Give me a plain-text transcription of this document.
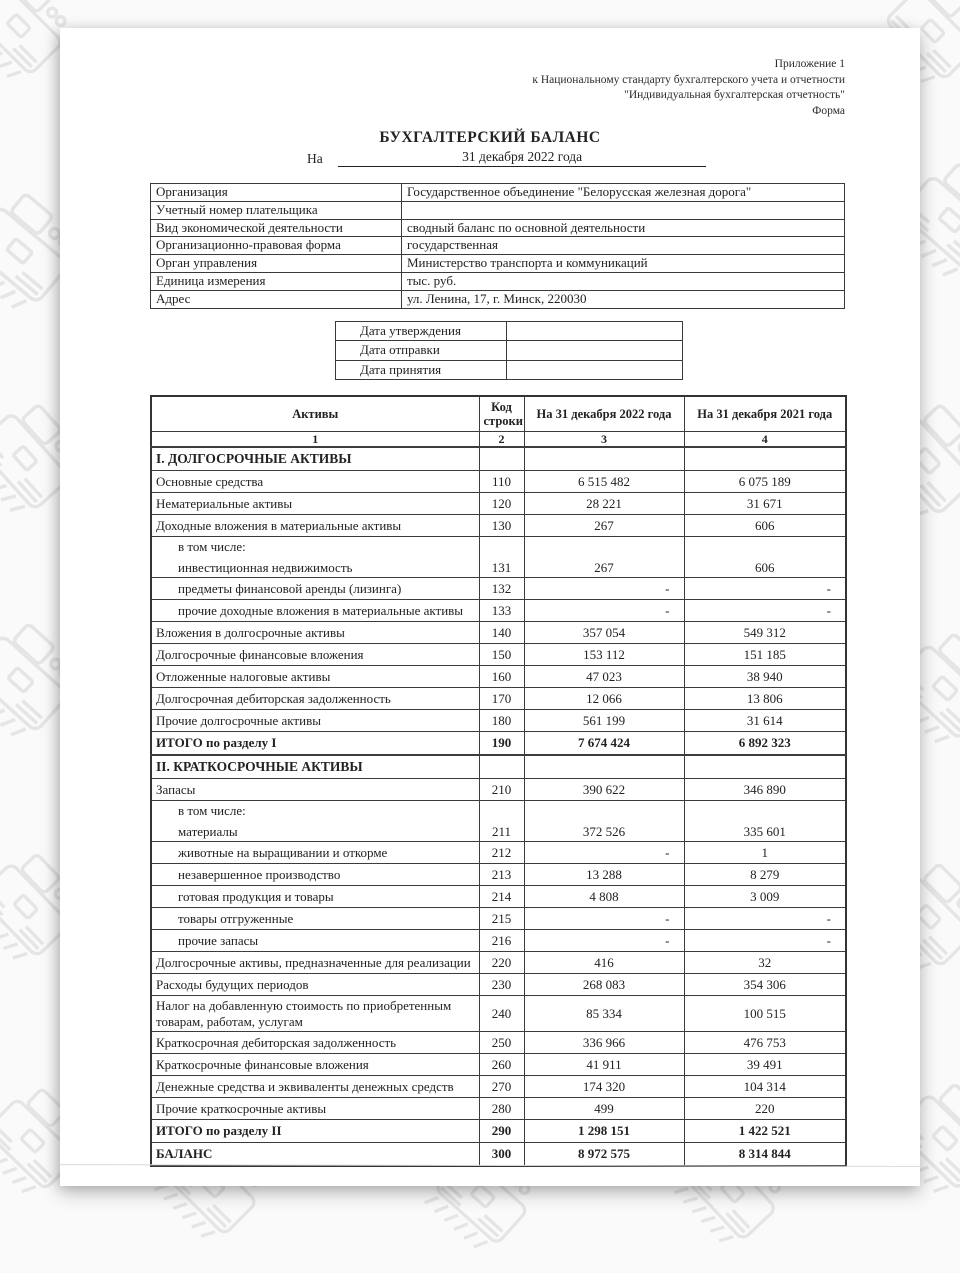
Приложение 1
к Национальному стандарту бухгалтерского учета и отчетности
"Индивидуальная бухгалтерская отчетность"
Форма
БУХГАЛТЕРСКИЙ БАЛАНС
На	31 декабря 2022 года
Организация	Государственное объединение "Белорусская железная дорога"
Учетный номер плательщика	
Вид экономической деятельности	сводный баланс по основной деятельности
Организационно-правовая форма	государственная
Орган управления	Министерство транспорта и коммуникаций
Единица измерения	тыс. руб.
Адрес	ул. Ленина, 17, г. Минск, 220030
Дата утверждения	
Дата отправки	
Дата принятия	
Активы	Код строки	На 31 декабря 2022 года	На 31 декабря 2021 года
1	2	3	4
I. ДОЛГОСРОЧНЫЕ АКТИВЫ			
Основные средства	110	6 515 482	6 075 189
Нематериальные активы	120	28 221	31 671
Доходные вложения в материальные активы	130	267	606

в том числе:
инвестиционная недвижимость	131	267	606
предметы финансовой аренды (лизинга)	132	-	-
прочие доходные вложения в материальные активы	133	-	-
Вложения в долгосрочные активы	140	357 054	549 312
Долгосрочные финансовые вложения	150	153 112	151 185
Отложенные налоговые активы	160	47 023	38 940
Долгосрочная дебиторская задолженность	170	12 066	13 806
Прочие долгосрочные активы	180	561 199	31 614
ИТОГО по разделу I	190	7 674 424	6 892 323
II. КРАТКОСРОЧНЫЕ АКТИВЫ			
Запасы	210	390 622	346 890

в том числе:
материалы	211	372 526	335 601
животные на выращивании и откорме	212	-	1
незавершенное производство	213	13 288	8 279
готовая продукция и товары	214	4 808	3 009
товары отгруженные	215	-	-
прочие запасы	216	-	-
Долгосрочные активы, предназначенные для реализации	220	416	32
Расходы будущих периодов	230	268 083	354 306
Налог на добавленную стоимость по приобретенным товарам, работам, услугам	240	85 334	100 515
Краткосрочная дебиторская задолженность	250	336 966	476 753
Краткосрочные финансовые вложения	260	41 911	39 491
Денежные средства и эквиваленты денежных средств	270	174 320	104 314
Прочие краткосрочные активы	280	499	220
ИТОГО по разделу II	290	1 298 151	1 422 521
БАЛАНС	300	8 972 575	8 314 844
